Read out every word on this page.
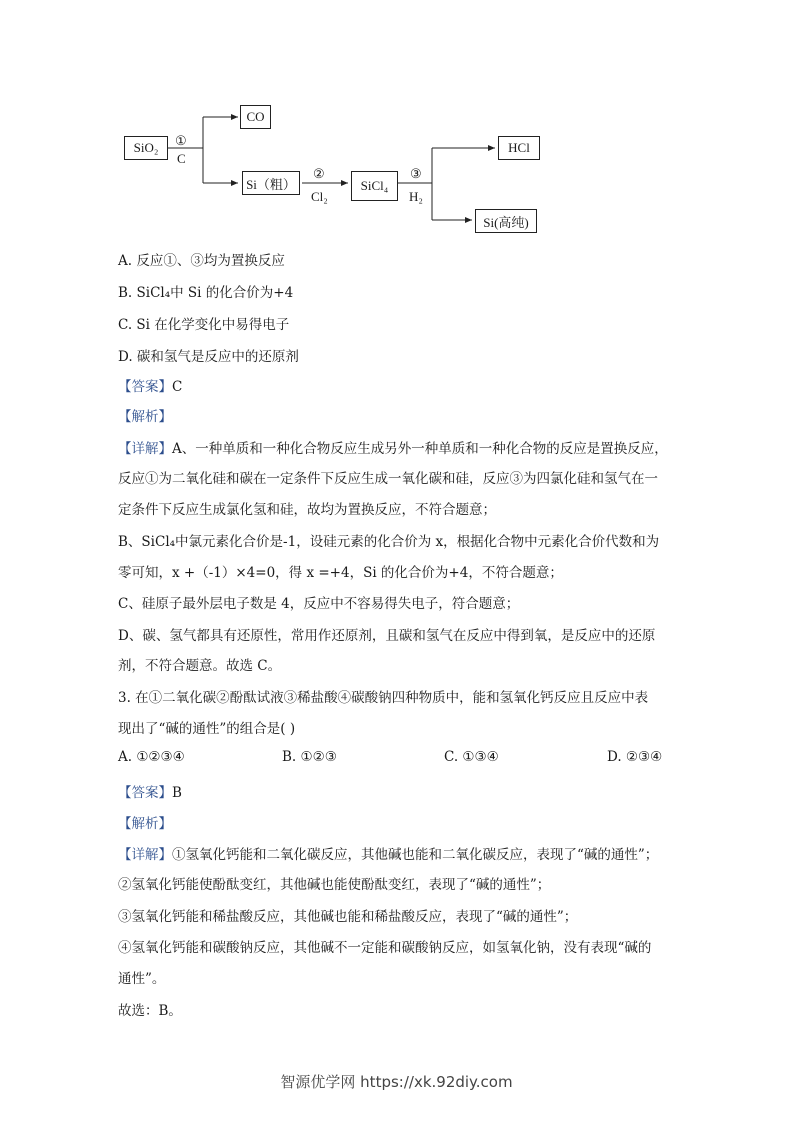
SiO₂
CO
Si（粗）	SiCl₄
HCl
Si(高纯)
①
C
②
Cl₂
③
H₂
A. 反应①、③均为置换反应
B. SiCl₄中 Si 的化合价为+4
C. Si 在化学变化中易得电子
D. 碳和氢气是反应中的还原剂
【答案】C
【解析】
【详解】A、一种单质和一种化合物反应生成另外一种单质和一种化合物的反应是置换反应，
反应①为二氧化硅和碳在一定条件下反应生成一氧化碳和硅，反应③为四氯化硅和氢气在一
定条件下反应生成氯化氢和硅，故均为置换反应，不符合题意；
B、SiCl₄中氯元素化合价是-1，设硅元素的化合价为 x，根据化合物中元素化合价代数和为
零可知，x +（-1）×4=0，得 x =+4，Si 的化合价为+4，不符合题意；
C、硅原子最外层电子数是 4，反应中不容易得失电子，符合题意；
D、碳、氢气都具有还原性，常用作还原剂，且碳和氢气在反应中得到氧，是反应中的还原
剂，不符合题意。故选 C。
3. 在①二氧化碳②酚酞试液③稀盐酸④碳酸钠四种物质中，能和氢氧化钙反应且反应中表
现出了“碱的通性”的组合是( )
A. ①②③④	B. ①②③	C. ①③④	D. ②③④
【答案】B
【解析】
【详解】①氢氧化钙能和二氧化碳反应，其他碱也能和二氧化碳反应，表现了“碱的通性”；
②氢氧化钙能使酚酞变红，其他碱也能使酚酞变红，表现了“碱的通性”；
③氢氧化钙能和稀盐酸反应，其他碱也能和稀盐酸反应，表现了“碱的通性”；
④氢氧化钙能和碳酸钠反应，其他碱不一定能和碳酸钠反应，如氢氧化钠，没有表现“碱的
通性”。
故选：B。
智源优学网 https://xk.92diy.com
